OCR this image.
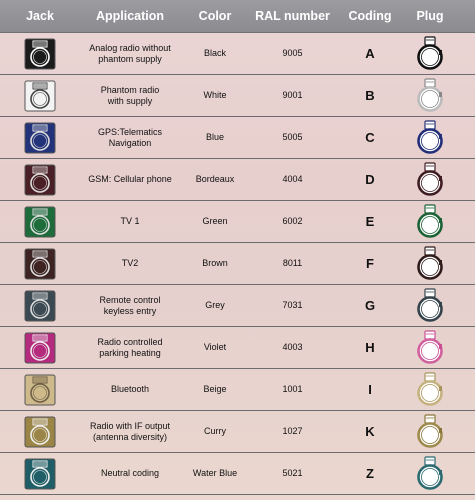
Jack	Application	Color	RAL number	Coding	Plug
Analog radio without
phantom supply
Black	9005	A
Phantom radio
with supply
White	9001	B
GPS:Telematics
Navigation
Blue	5005	C
GSM: Cellular phone	Bordeaux	4004	D
TV 1	Green	6002	E
TV2	Brown	8011	F
Remote control
keyless entry
Grey	7031	G
Radio controlled
parking heating
Violet	4003	H
Bluetooth	Beige	1001	I
Radio with IF output
(antenna diversity)
Curry	1027	K
Neutral coding	Water Blue	5021	Z
